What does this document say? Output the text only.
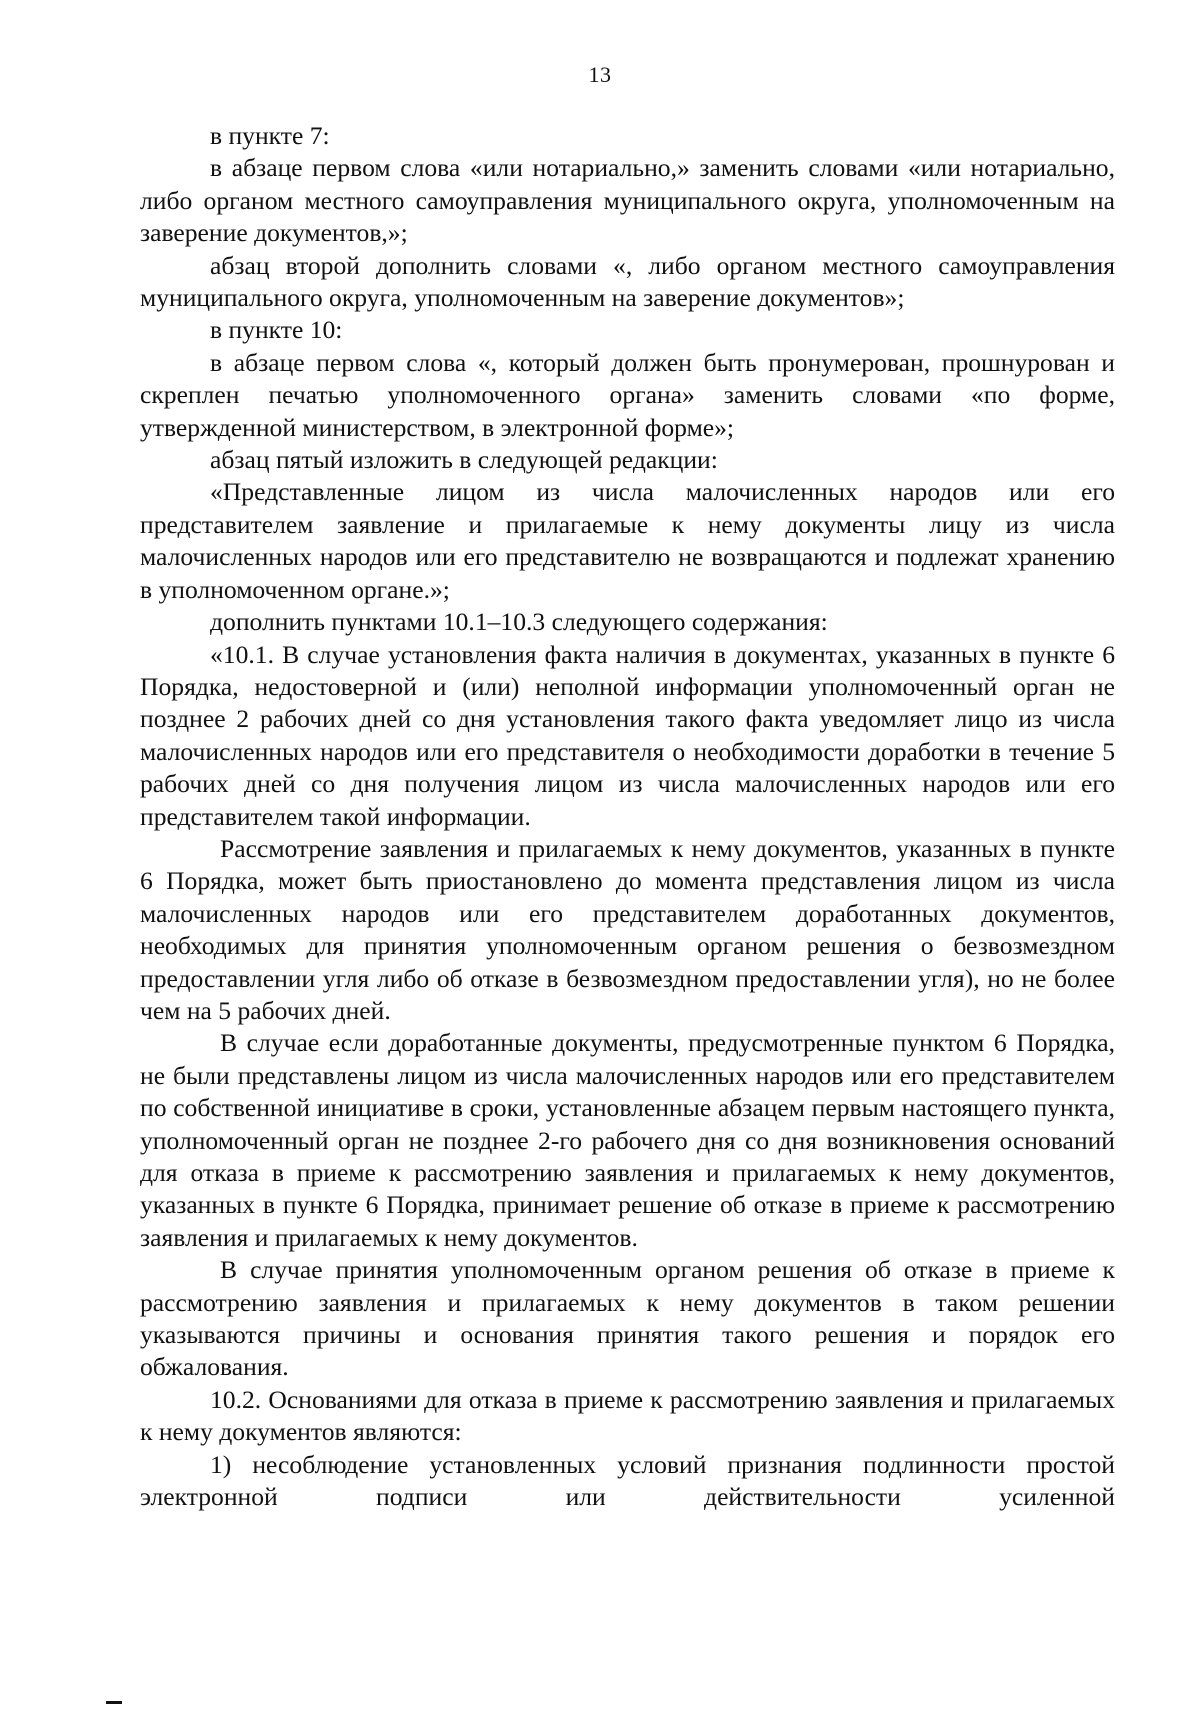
13

в пункте 7:

в абзаце первом слова «или нотариально,» заменить словами «или нотариально, либо органом местного самоуправления муниципального округа, уполномоченным на заверение документов,»;

абзац второй дополнить словами «, либо органом местного самоуправления муниципального округа, уполномоченным на заверение документов»;

в пункте 10:

в абзаце первом слова «, который должен быть пронумерован, прошнурован и скреплен печатью уполномоченного органа» заменить словами «по форме, утвержденной министерством, в электронной форме»;

абзац пятый изложить в следующей редакции:

«Представленные лицом из числа малочисленных народов или его представителем заявление и прилагаемые к нему документы лицу из числа малочисленных народов или его представителю не возвращаются и подлежат хранению в уполномоченном органе.»;

дополнить пунктами 10.1–10.3 следующего содержания:

«10.1. В случае установления факта наличия в документах, указанных в пункте 6 Порядка, недостоверной и (или) неполной информации уполномоченный орган не позднее 2 рабочих дней со дня установления такого факта уведомляет лицо из числа малочисленных народов или его представителя о необходимости доработки в течение 5 рабочих дней со дня получения лицом из числа малочисленных народов или его представителем такой информации.

Рассмотрение заявления и прилагаемых к нему документов, указанных в пункте 6 Порядка, может быть приостановлено до момента представления лицом из числа малочисленных народов или его представителем доработанных документов, необходимых для принятия уполномоченным органом решения о безвозмездном предоставлении угля либо об отказе в безвозмездном предоставлении угля), но не более чем на 5 рабочих дней.

В случае если доработанные документы, предусмотренные пунктом 6 Порядка, не были представлены лицом из числа малочисленных народов или его представителем по собственной инициативе в сроки, установленные абзацем первым настоящего пункта, уполномоченный орган не позднее 2-го рабочего дня со дня возникновения оснований для отказа в приеме к рассмотрению заявления и прилагаемых к нему документов, указанных в пункте 6 Порядка, принимает решение об отказе в приеме к рассмотрению заявления и прилагаемых к нему документов.

В случае принятия уполномоченным органом решения об отказе в приеме к рассмотрению заявления и прилагаемых к нему документов в таком решении указываются причины и основания принятия такого решения и порядок его обжалования.

10.2. Основаниями для отказа в приеме к рассмотрению заявления и прилагаемых к нему документов являются:

1) несоблюдение установленных условий признания подлинности простой электронной подписи или действительности усиленной
